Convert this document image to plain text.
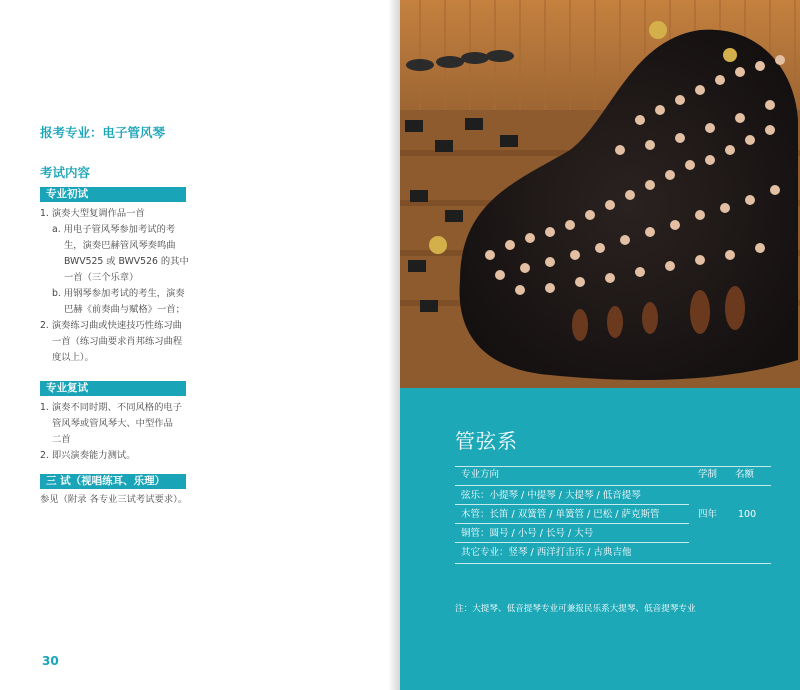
报考专业：电子管风琴
考试内容
专业初试
1. 演奏大型复调作品一首
a. 用电子管风琴参加考试的考
生，演奏巴赫管风琴奏鸣曲
BWV525 或 BWV526 的其中
一首（三个乐章）
b. 用钢琴参加考试的考生，演奏
巴赫《前奏曲与赋格》一首；
2. 演奏练习曲或快速技巧性练习曲
一首（练习曲要求肖邦练习曲程
度以上）。
专业复试
1. 演奏不同时期、不同风格的电子
管风琴或管风琴大、中型作品
二首
2. 即兴演奏能力测试。
三 试（视唱练耳、乐理）
参见（附录 各专业三试考试要求）。
30
管弦系
专业方向	学制 名额
弦乐：小提琴 / 中提琴 / 大提琴 / 低音提琴
木管：长笛 / 双簧管 / 单簧管 / 巴松 / 萨克斯管
铜管：圆号 / 小号 / 长号 / 大号
其它专业：竖琴 / 西洋打击乐 / 古典吉他
四年 100
注：大提琴、低音提琴专业可兼报民乐系大提琴、低音提琴专业
